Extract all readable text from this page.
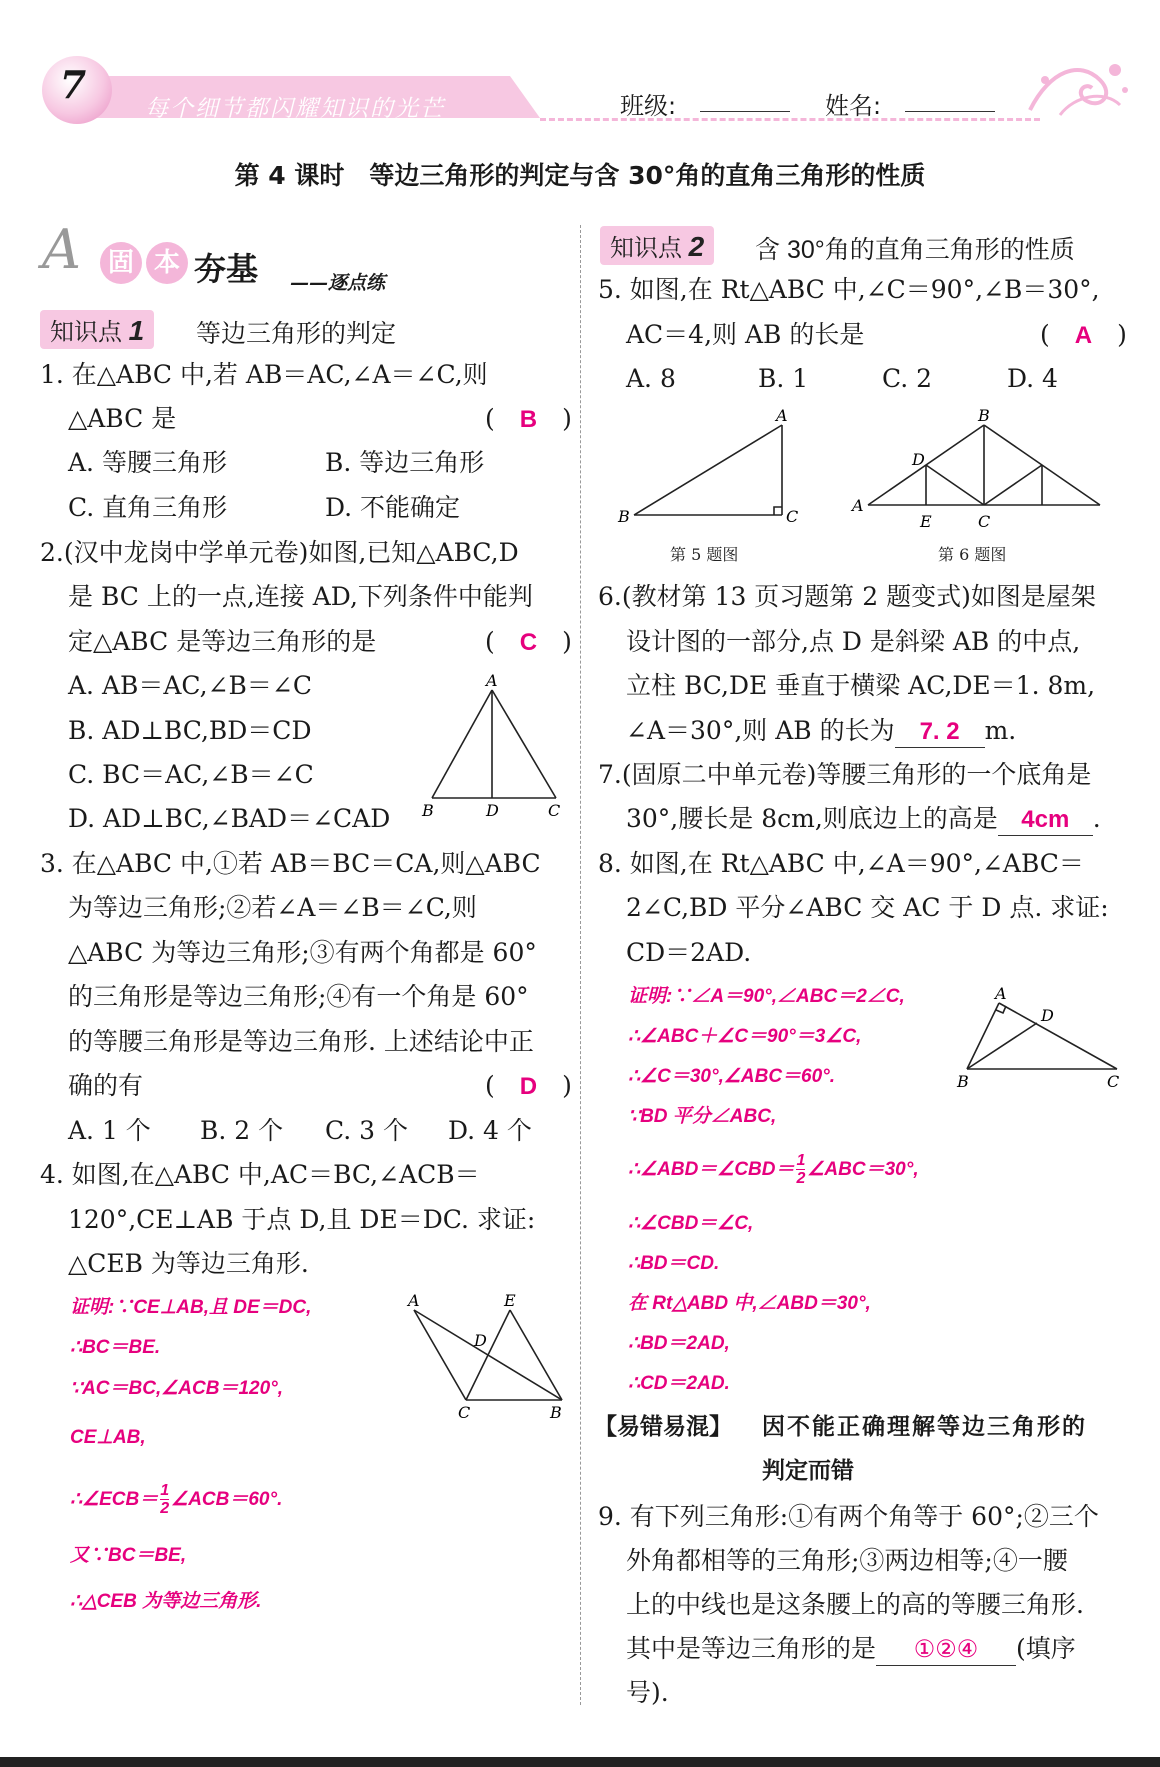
7
每个细节都闪耀知识的光芒	班级:	姓名:
第 4 课时　等边三角形的判定与含 30°角的直角三角形的性质
A	固 本 夯基 ——逐点练
知识点 1	等边三角形的判定
1. 在△ABC 中,若 AB＝AC,∠A＝∠C,则
△ABC 是	(　B　)
A. 等腰三角形	B. 等边三角形
C. 直角三角形	D. 不能确定
2.(汉中龙岗中学单元卷)如图,已知△ABC,D
是 BC 上的一点,连接 AD,下列条件中能判
定△ABC 是等边三角形的是	(　C　)
A. AB＝AC,∠B＝∠C
B. AD⊥BC,BD＝CD
C. BC＝AC,∠B＝∠C
D. AD⊥BC,∠BAD＝∠CAD
A
B	D	C
3. 在△ABC 中,①若 AB＝BC＝CA,则△ABC
为等边三角形;②若∠A＝∠B＝∠C,则
△ABC 为等边三角形;③有两个角都是 60°
的三角形是等边三角形;④有一个角是 60°
的等腰三角形是等边三角形. 上述结论中正
确的有	(　D　)
A. 1 个 B. 2 个 C. 3 个 D. 4 个
4. 如图,在△ABC 中,AC＝BC,∠ACB＝
120°,CE⊥AB 于点 D,且 DE＝DC. 求证:
△CEB 为等边三角形.
证明:∵CE⊥AB,且 DE＝DC,
∴BC＝BE.
∵AC＝BC,∠ACB＝120°,
CE⊥AB,
∴∠ECB＝ $\frac{1}{2}$ ∠ACB＝60°.
又∵BC＝BE,
∴△CEB 为等边三角形.
A	E
D
C	B
知识点 2	含 30°角的直角三角形的性质
5. 如图,在 Rt△ABC 中,∠C＝90°,∠B＝30°,
AC＝4,则 AB 的长是	(　A　)
A. 8	B. 1	C. 2	D. 4
A
B	C
第 5 题图
B
D
A
E	C
第 6 题图
6.(教材第 13 页习题第 2 题变式)如图是屋架
设计图的一部分,点 D 是斜梁 AB 的中点,
立柱 BC,DE 垂直于横梁 AC,DE＝1. 8m,
∠A＝30°,则 AB 的长为 7. 2 m.
7.(固原二中单元卷)等腰三角形的一个底角是
30°,腰长是 8cm,则底边上的高是 4cm .
8. 如图,在 Rt△ABC 中,∠A＝90°,∠ABC＝
2∠C,BD 平分∠ABC 交 AC 于 D 点. 求证:
CD＝2AD.
证明:∵∠A＝90°,∠ABC＝2∠C,
∴∠ABC＋∠C＝90°＝3∠C,
∴∠C＝30°,∠ABC＝60°.
∵BD 平分∠ABC,
∴∠ABD＝∠CBD＝ $\frac{1}{2}$ ∠ABC＝30°,
∴∠CBD＝∠C,
∴BD＝CD.
在 Rt△ABD 中,∠ABD＝30°,
∴BD＝2AD,
∴CD＝2AD.
A
D
B	C
【易错易混】 因不能正确理解等边三角形的
判定而错
9. 有下列三角形:①有两个角等于 60°;②三个
外角都相等的三角形;③两边相等;④一腰
上的中线也是这条腰上的高的等腰三角形.
其中是等边三角形的是 ①②④ (填序
号).
